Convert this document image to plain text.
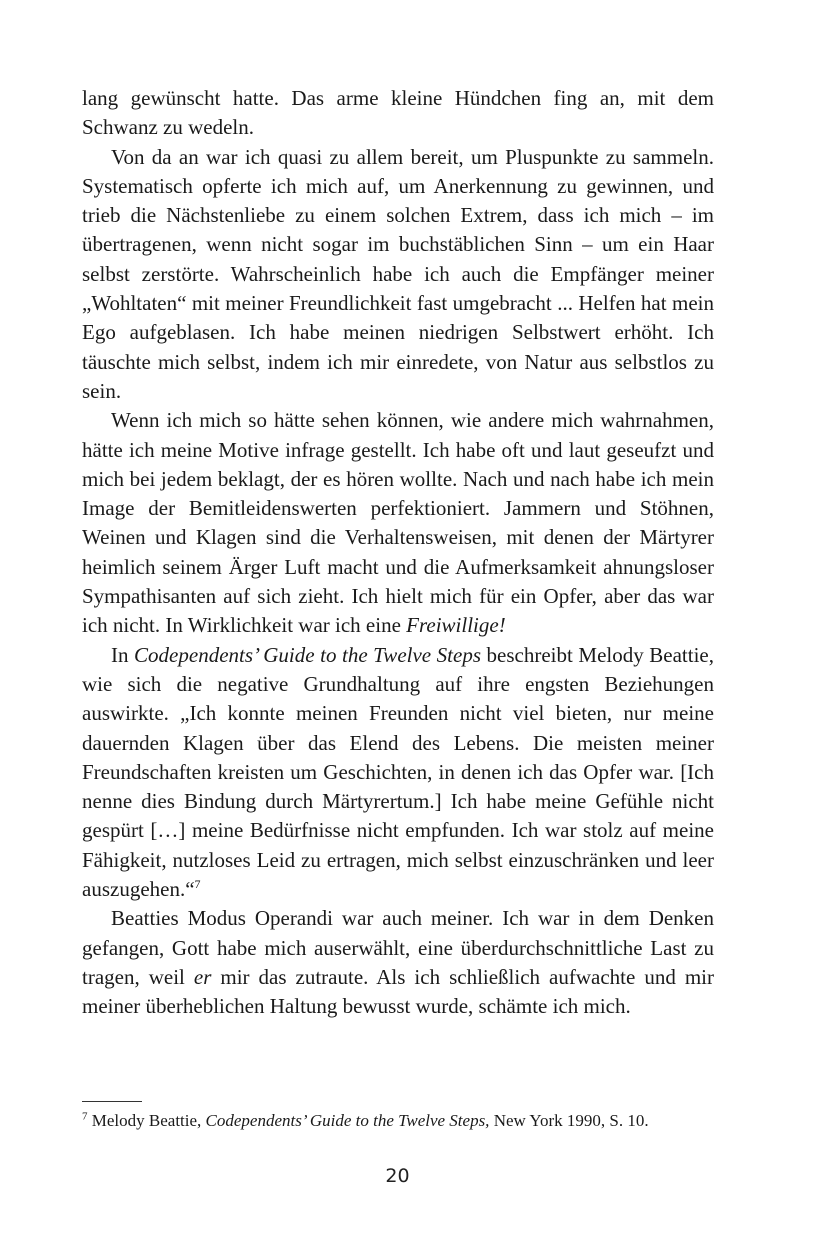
lang gewünscht hatte. Das arme kleine Hündchen fing an, mit dem Schwanz zu wedeln.

Von da an war ich quasi zu allem bereit, um Pluspunkte zu sammeln. Systematisch opferte ich mich auf, um Anerkennung zu gewinnen, und trieb die Nächstenliebe zu einem solchen Extrem, dass ich mich – im übertragenen, wenn nicht sogar im buchstäblichen Sinn – um ein Haar selbst zerstörte. Wahrscheinlich habe ich auch die Empfänger meiner „Wohltaten“ mit meiner Freundlichkeit fast umgebracht ... Helfen hat mein Ego aufgeblasen. Ich habe meinen niedrigen Selbstwert erhöht. Ich täuschte mich selbst, indem ich mir einredete, von Natur aus selbstlos zu sein.

Wenn ich mich so hätte sehen können, wie andere mich wahrnahmen, hätte ich meine Motive infrage gestellt. Ich habe oft und laut geseufzt und mich bei jedem beklagt, der es hören wollte. Nach und nach habe ich mein Image der Bemitleidenswerten perfektioniert. Jammern und Stöhnen, Weinen und Klagen sind die Verhaltensweisen, mit denen der Märtyrer heimlich seinem Ärger Luft macht und die Aufmerksamkeit ahnungsloser Sympathisanten auf sich zieht. Ich hielt mich für ein Opfer, aber das war ich nicht. In Wirklichkeit war ich eine Freiwillige!

In Codependents’ Guide to the Twelve Steps beschreibt Melody Beattie, wie sich die negative Grundhaltung auf ihre engsten Beziehungen auswirkte. „Ich konnte meinen Freunden nicht viel bieten, nur meine dauernden Klagen über das Elend des Lebens. Die meisten meiner Freundschaften kreisten um Geschichten, in denen ich das Opfer war. [Ich nenne dies Bindung durch Märtyrertum.] Ich habe meine Gefühle nicht gespürt […] meine Bedürfnisse nicht empfunden. Ich war stolz auf meine Fähigkeit, nutzloses Leid zu ertragen, mich selbst einzuschränken und leer auszugehen.“$^7$

Beatties Modus Operandi war auch meiner. Ich war in dem Denken gefangen, Gott habe mich auserwählt, eine überdurchschnittliche Last zu tragen, weil er mir das zutraute. Als ich schließlich aufwachte und mir meiner überheblichen Haltung bewusst wurde, schämte ich mich.

$^7$ Melody Beattie, Codependents’ Guide to the Twelve Steps, New York 1990, S. 10.
20
